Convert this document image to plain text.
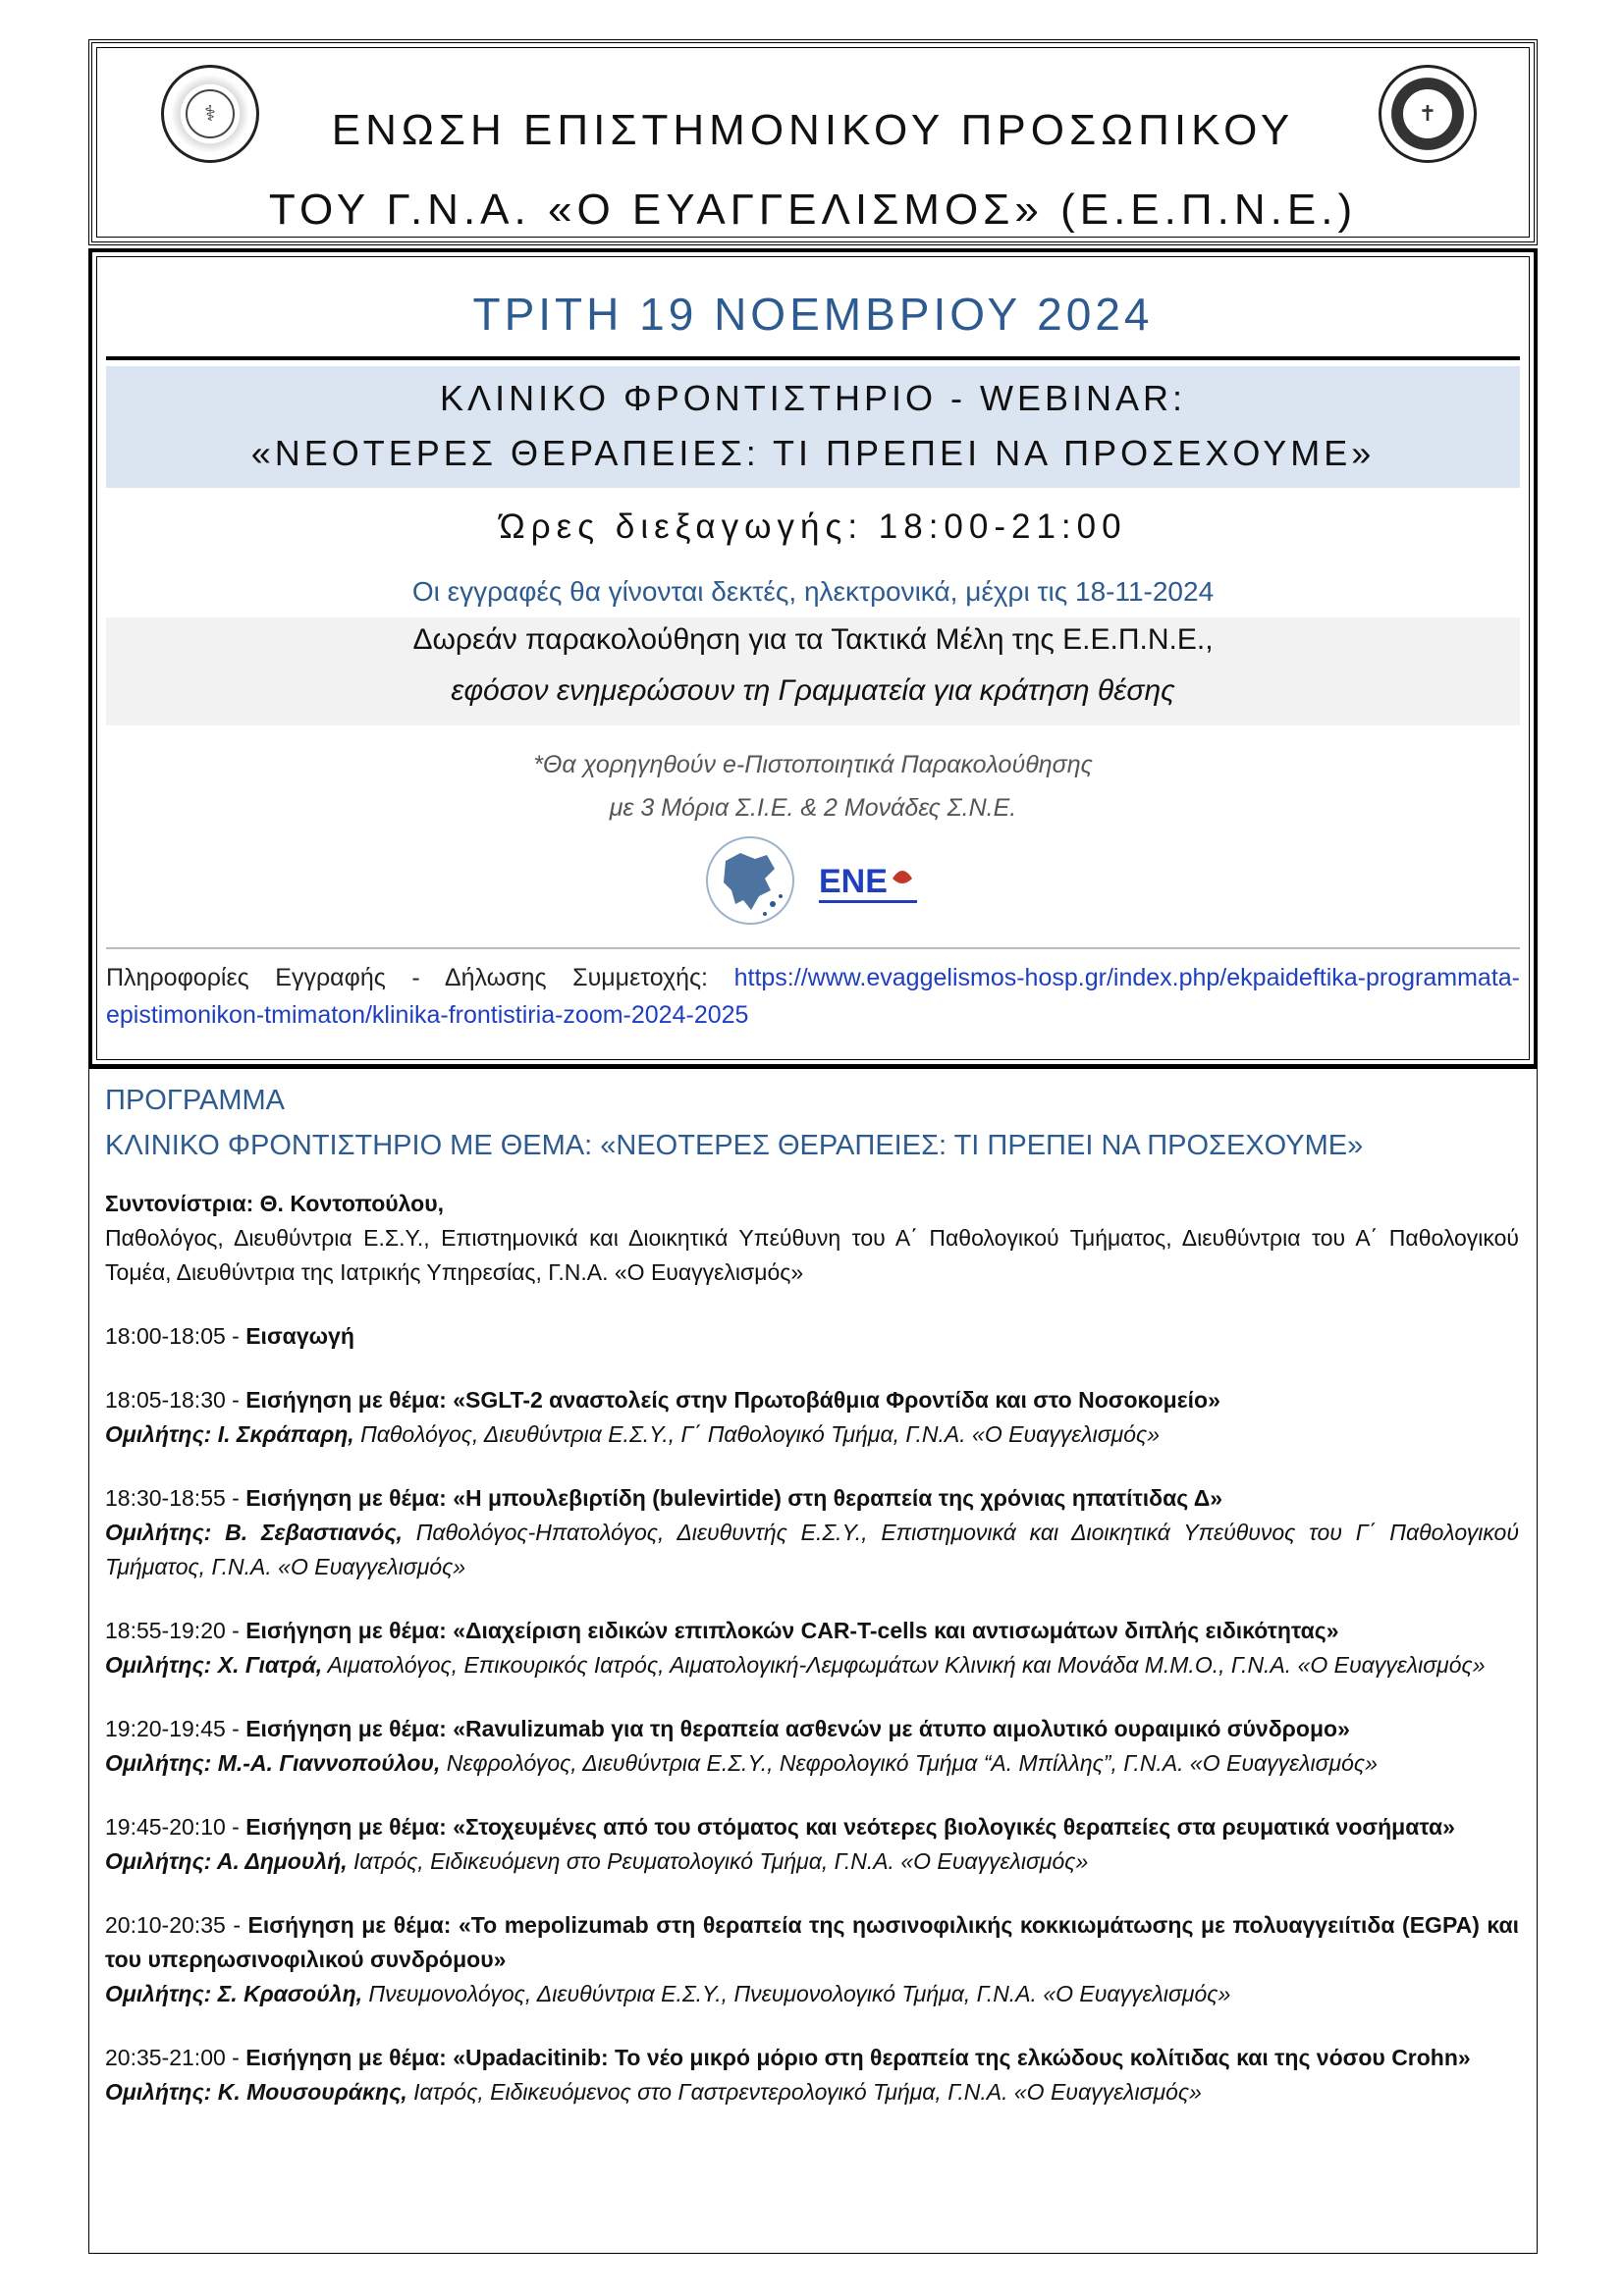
⚕	✝
ΕΝΩΣΗ ΕΠΙΣΤΗΜΟΝΙΚΟΥ ΠΡΟΣΩΠΙΚΟΥ
ΤΟΥ Γ.Ν.Α. «Ο ΕΥΑΓΓΕΛΙΣΜΟΣ» (Ε.Ε.Π.Ν.Ε.)
ΤΡΙΤΗ 19 ΝΟΕΜΒΡΙΟΥ 2024
ΚΛΙΝΙΚΟ ΦΡΟΝΤΙΣΤΗΡΙΟ - WEBINAR:
«ΝΕΟΤΕΡΕΣ ΘΕΡΑΠΕΙΕΣ: ΤΙ ΠΡΕΠΕΙ ΝΑ ΠΡΟΣΕΧΟΥΜΕ»
Ώρες διεξαγωγής: 18:00-21:00
Οι εγγραφές θα γίνονται δεκτές, ηλεκτρονικά, μέχρι τις 18-11-2024
Δωρεάν παρακολούθηση για τα Τακτικά Μέλη της Ε.Ε.Π.Ν.Ε.,
εφόσον ενημερώσουν τη Γραμματεία για κράτηση θέσης
*Θα χορηγηθούν e-Πιστοποιητικά Παρακολούθησης
με 3 Μόρια Σ.Ι.Ε. & 2 Μονάδες Σ.Ν.Ε.
ENE
Πληροφορίες Εγγραφής - Δήλωσης Συμμετοχής: https://www.evaggelismos-hosp.gr/index.php/ekpaideftika-programmata-epistimonikon-tmimaton/klinika-frontistiria-zoom-2024-2025
ΠΡΟΓΡΑΜΜΑ
ΚΛΙΝΙΚΟ ΦΡΟΝΤΙΣΤΗΡΙΟ ΜΕ ΘΕΜΑ: «ΝΕΟΤΕΡΕΣ ΘΕΡΑΠΕΙΕΣ: ΤΙ ΠΡΕΠΕΙ ΝΑ ΠΡΟΣΕΧΟΥΜΕ»
Συντονίστρια: Θ. Κοντοπούλου,
Παθολόγος, Διευθύντρια Ε.Σ.Υ., Επιστημονικά και Διοικητικά Υπεύθυνη του Α΄ Παθολογικού Τμήματος, Διευθύντρια του Α΄ Παθολογικού Τομέα, Διευθύντρια της Ιατρικής Υπηρεσίας, Γ.Ν.Α. «Ο Ευαγγελισμός»
18:00-18:05 - Εισαγωγή
18:05-18:30 - Εισήγηση με θέμα: «SGLT-2 αναστολείς στην Πρωτοβάθμια Φροντίδα και στο Νοσοκομείο»
Ομιλήτης: Ι. Σκράπαρη, Παθολόγος, Διευθύντρια Ε.Σ.Υ., Γ΄ Παθολογικό Τμήμα, Γ.Ν.Α. «Ο Ευαγγελισμός»
18:30-18:55 - Εισήγηση με θέμα: «Η μπουλεβιρτίδη (bulevirtide) στη θεραπεία της χρόνιας ηπατίτιδας Δ»
Ομιλήτης: Β. Σεβαστιανός, Παθολόγος-Ηπατολόγος, Διευθυντής Ε.Σ.Υ., Επιστημονικά και Διοικητικά Υπεύθυνος του Γ΄ Παθολογικού Τμήματος, Γ.Ν.Α. «Ο Ευαγγελισμός»
18:55-19:20 - Εισήγηση με θέμα: «Διαχείριση ειδικών επιπλοκών CAR-T-cells και αντισωμάτων διπλής ειδικότητας»
Ομιλήτης: Χ. Γιατρά, Αιματολόγος, Επικουρικός Ιατρός, Αιματολογική-Λεμφωμάτων Κλινική και Μονάδα Μ.Μ.Ο., Γ.Ν.Α. «Ο Ευαγγελισμός»
19:20-19:45 - Εισήγηση με θέμα: «Ravulizumab για τη θεραπεία ασθενών με άτυπο αιμολυτικό ουραιμικό σύνδρομο»
Ομιλήτης: Μ.-Α. Γιαννοπούλου, Νεφρολόγος, Διευθύντρια Ε.Σ.Υ., Νεφρολογικό Τμήμα “Α. Μπίλλης”, Γ.Ν.Α. «Ο Ευαγγελισμός»
19:45-20:10 - Εισήγηση με θέμα: «Στοχευμένες από του στόματος και νεότερες βιολογικές θεραπείες στα ρευματικά νοσήματα»
Ομιλήτης: Α. Δημουλή, Ιατρός, Ειδικευόμενη στο Ρευματολογικό Τμήμα, Γ.Ν.Α. «Ο Ευαγγελισμός»
20:10-20:35 - Εισήγηση με θέμα: «Το mepolizumab στη θεραπεία της ηωσινοφιλικής κοκκιωμάτωσης με πολυαγγειίτιδα (EGPA) και του υπερηωσινοφιλικού συνδρόμου»
Ομιλήτης: Σ. Κρασούλη, Πνευμονολόγος, Διευθύντρια Ε.Σ.Υ., Πνευμονολογικό Τμήμα, Γ.Ν.Α. «Ο Ευαγγελισμός»
20:35-21:00 - Εισήγηση με θέμα: «Upadacitinib: Το νέο μικρό μόριο στη θεραπεία της ελκώδους κολίτιδας και της νόσου Crohn»
Ομιλήτης: Κ. Μουσουράκης, Ιατρός, Ειδικευόμενος στο Γαστρεντερολογικό Τμήμα, Γ.Ν.Α. «Ο Ευαγγελισμός»
